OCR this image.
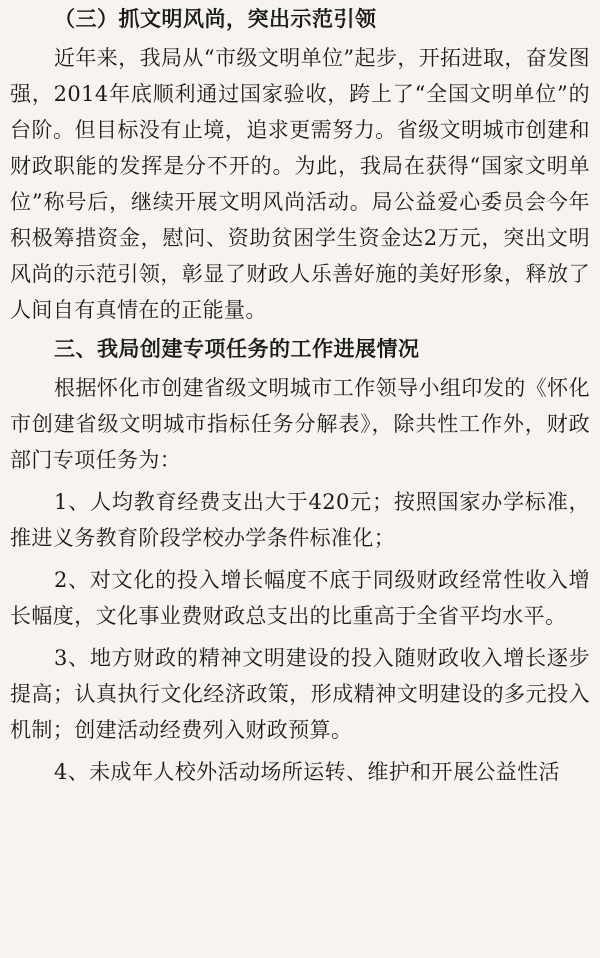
（三）抓文明风尚，突出示范引领

近年来，我局从“市级文明单位”起步，开拓进取，奋发图强，2014年底顺利通过国家验收，跨上了“全国文明单位”的台阶。但目标没有止境，追求更需努力。省级文明城市创建和财政职能的发挥是分不开的。为此，我局在获得“国家文明单位”称号后，继续开展文明风尚活动。局公益爱心委员会今年积极筹措资金，慰问、资助贫困学生资金达2万元，突出文明风尚的示范引领，彰显了财政人乐善好施的美好形象，释放了人间自有真情在的正能量。

三、我局创建专项任务的工作进展情况

根据怀化市创建省级文明城市工作领导小组印发的《怀化市创建省级文明城市指标任务分解表》，除共性工作外，财政部门专项任务为：

1、人均教育经费支出大于420元；按照国家办学标准，推进义务教育阶段学校办学条件标准化；

2、对文化的投入增长幅度不底于同级财政经常性收入增长幅度，文化事业费财政总支出的比重高于全省平均水平。

3、地方财政的精神文明建设的投入随财政收入增长逐步提高；认真执行文化经济政策，形成精神文明建设的多元投入机制；创建活动经费列入财政预算。

4、未成年人校外活动场所运转、维护和开展公益性活
